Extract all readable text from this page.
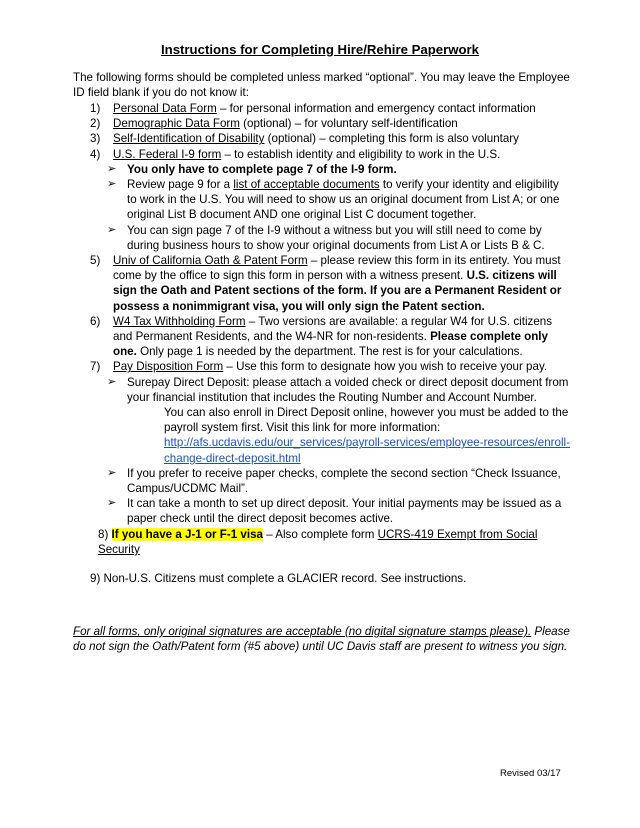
Instructions for Completing Hire/Rehire Paperwork
The following forms should be completed unless marked “optional”. You may leave the Employee ID field blank if you do not know it:
1) Personal Data Form – for personal information and emergency contact information
2) Demographic Data Form (optional) – for voluntary self-identification
3) Self-Identification of Disability (optional) – completing this form is also voluntary
4) U.S. Federal I-9 form – to establish identity and eligibility to work in the U.S.
➢ You only have to complete page 7 of the I-9 form.
➢ Review page 9 for a list of acceptable documents to verify your identity and eligibility to work in the U.S. You will need to show us an original document from List A; or one original List B document AND one original List C document together.
➢ You can sign page 7 of the I-9 without a witness but you will still need to come by during business hours to show your original documents from List A or Lists B & C.
5) Univ of California Oath & Patent Form – please review this form in its entirety. You must come by the office to sign this form in person with a witness present. U.S. citizens will sign the Oath and Patent sections of the form. If you are a Permanent Resident or possess a nonimmigrant visa, you will only sign the Patent section.
6) W4 Tax Withholding Form – Two versions are available: a regular W4 for U.S. citizens and Permanent Residents, and the W4-NR for non-residents. Please complete only one. Only page 1 is needed by the department. The rest is for your calculations.
7) Pay Disposition Form – Use this form to designate how you wish to receive your pay.
➢ Surepay Direct Deposit: please attach a voided check or direct deposit document from your financial institution that includes the Routing Number and Account Number.
You can also enroll in Direct Deposit online, however you must be added to the payroll system first. Visit this link for more information: http://afs.ucdavis.edu/our_services/payroll-services/employee-resources/enroll-change-direct-deposit.html
➢ If you prefer to receive paper checks, complete the second section “Check Issuance, Campus/UCDMC Mail”.
➢ It can take a month to set up direct deposit. Your initial payments may be issued as a paper check until the direct deposit becomes active.
8) If you have a J-1 or F-1 visa – Also complete form UCRS-419 Exempt from Social Security
9) Non-U.S. Citizens must complete a GLACIER record. See instructions.
For all forms, only original signatures are acceptable (no digital signature stamps please). Please do not sign the Oath/Patent form (#5 above) until UC Davis staff are present to witness you sign.
Revised 03/17
